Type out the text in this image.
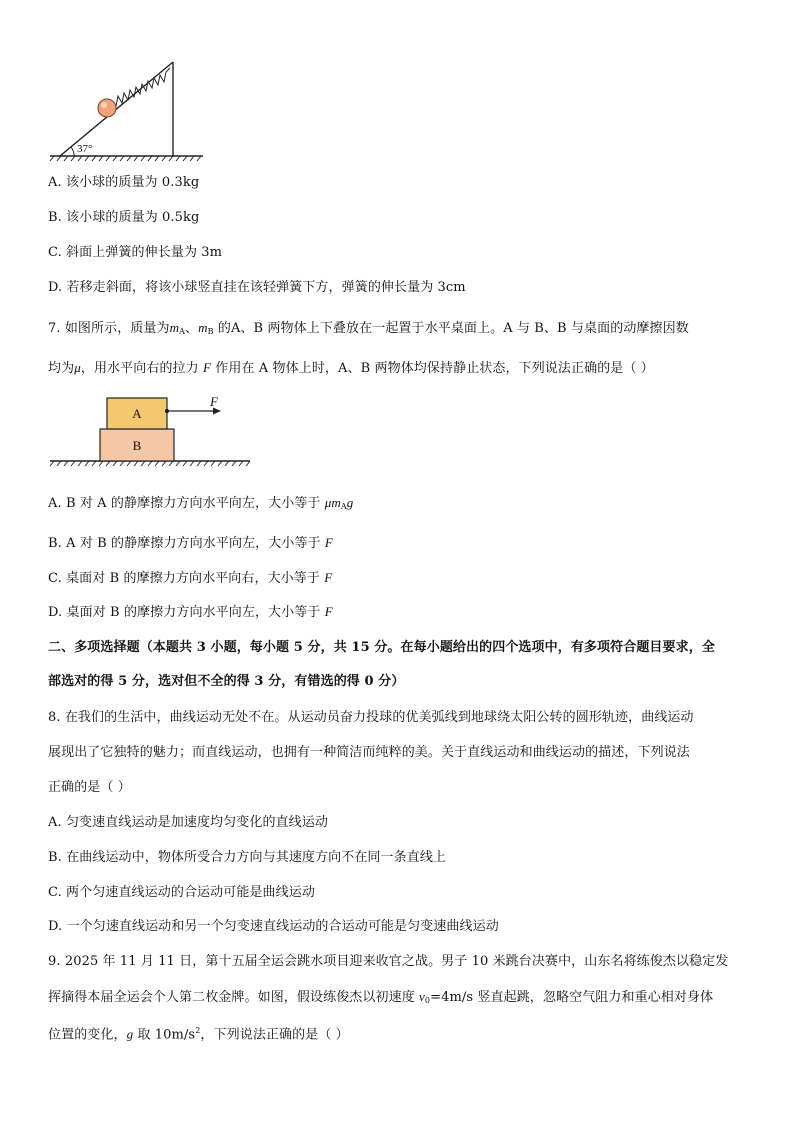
37°
A. 该小球的质量为 0.3kg
B. 该小球的质量为 0.5kg
C. 斜面上弹簧的伸长量为 3m
D. 若移走斜面，将该小球竖直挂在该轻弹簧下方，弹簧的伸长量为 3cm
7. 如图所示，质量为$m_A$、$m_B$ 的A、B 两物体上下叠放在一起置于水平桌面上。A 与 B、B 与桌面的动摩擦因数
均为μ，用水平向右的拉力 F 作用在 A 物体上时，A、B 两物体均保持静止状态，下列说法正确的是（ ）
B
A
F
A. B 对 A 的静摩擦力方向水平向左，大小等于 $\mu m_Ag$
B. A 对 B 的静摩擦力方向水平向左，大小等于 F
C. 桌面对 B 的摩擦力方向水平向右，大小等于 F
D. 桌面对 B 的摩擦力方向水平向左，大小等于 F
二、多项选择题（本题共 3 小题，每小题 5 分，共 15 分。在每小题给出的四个选项中，有多项符合题目要求，全
部选对的得 5 分，选对但不全的得 3 分，有错选的得 0 分）
8. 在我们的生活中，曲线运动无处不在。从运动员奋力投球的优美弧线到地球绕太阳公转的圆形轨迹，曲线运动
展现出了它独特的魅力；而直线运动，也拥有一种简洁而纯粹的美。关于直线运动和曲线运动的描述，下列说法
正确的是（ ）
A. 匀变速直线运动是加速度均匀变化的直线运动
B. 在曲线运动中，物体所受合力方向与其速度方向不在同一条直线上
C. 两个匀速直线运动的合运动可能是曲线运动
D. 一个匀速直线运动和另一个匀变速直线运动的合运动可能是匀变速曲线运动
9. 2025 年 11 月 11 日，第十五届全运会跳水项目迎来收官之战。男子 10 米跳台决赛中，山东名将练俊杰以稳定发
挥摘得本届全运会个人第二枚金牌。如图，假设练俊杰以初速度 $v_0=4m/s$ 竖直起跳，忽略空气阻力和重心相对身体
位置的变化，g 取 $10m/s^2$，下列说法正确的是（ ）
